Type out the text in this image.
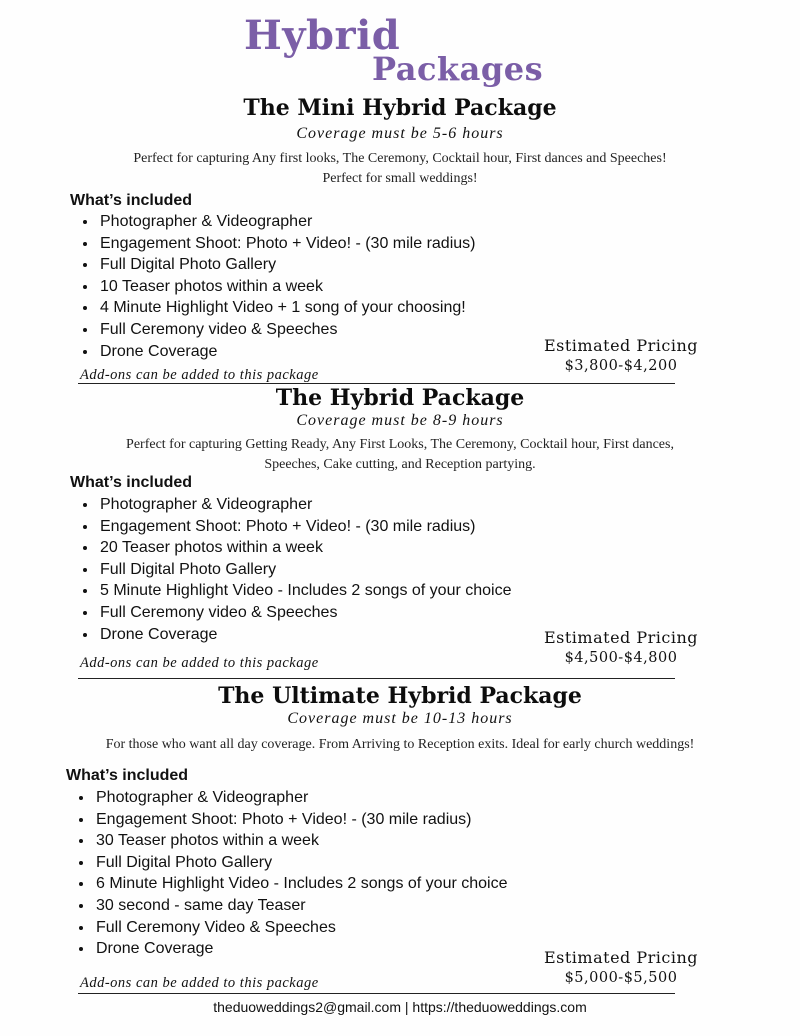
Hybrid
Packages
The Mini Hybrid Package
Coverage must be 5-6 hours
Perfect for capturing Any first looks, The Ceremony, Cocktail hour, First dances and Speeches!
Perfect for small weddings!
What’s included
• Photographer & Videographer
• Engagement Shoot: Photo + Video! - (30 mile radius)
• Full Digital Photo Gallery
• 10 Teaser photos within a week
• 4 Minute Highlight Video + 1 song of your choosing!
• Full Ceremony video & Speeches
• Drone Coverage	Estimated Pricing
$3,800-$4,200
Add-ons can be added to this package
The Hybrid Package
Coverage must be 8-9 hours
Perfect for capturing Getting Ready, Any First Looks, The Ceremony, Cocktail hour, First dances,
Speeches, Cake cutting, and Reception partying.
What’s included
• Photographer & Videographer
• Engagement Shoot: Photo + Video! - (30 mile radius)
• 20 Teaser photos within a week
• Full Digital Photo Gallery
• 5 Minute Highlight Video - Includes 2 songs of your choice
• Full Ceremony video & Speeches
• Drone Coverage	Estimated Pricing
$4,500-$4,800
Add-ons can be added to this package
The Ultimate Hybrid Package
Coverage must be 10-13 hours
For those who want all day coverage. From Arriving to Reception exits. Ideal for early church weddings!
What’s included
• Photographer & Videographer
• Engagement Shoot: Photo + Video! - (30 mile radius)
• 30 Teaser photos within a week
• Full Digital Photo Gallery
• 6 Minute Highlight Video - Includes 2 songs of your choice
• 30 second - same day Teaser
• Full Ceremony Video & Speeches
• Drone Coverage	Estimated Pricing
$5,000-$5,500
Add-ons can be added to this package
theduoweddings2@gmail.com | https://theduoweddings.com
